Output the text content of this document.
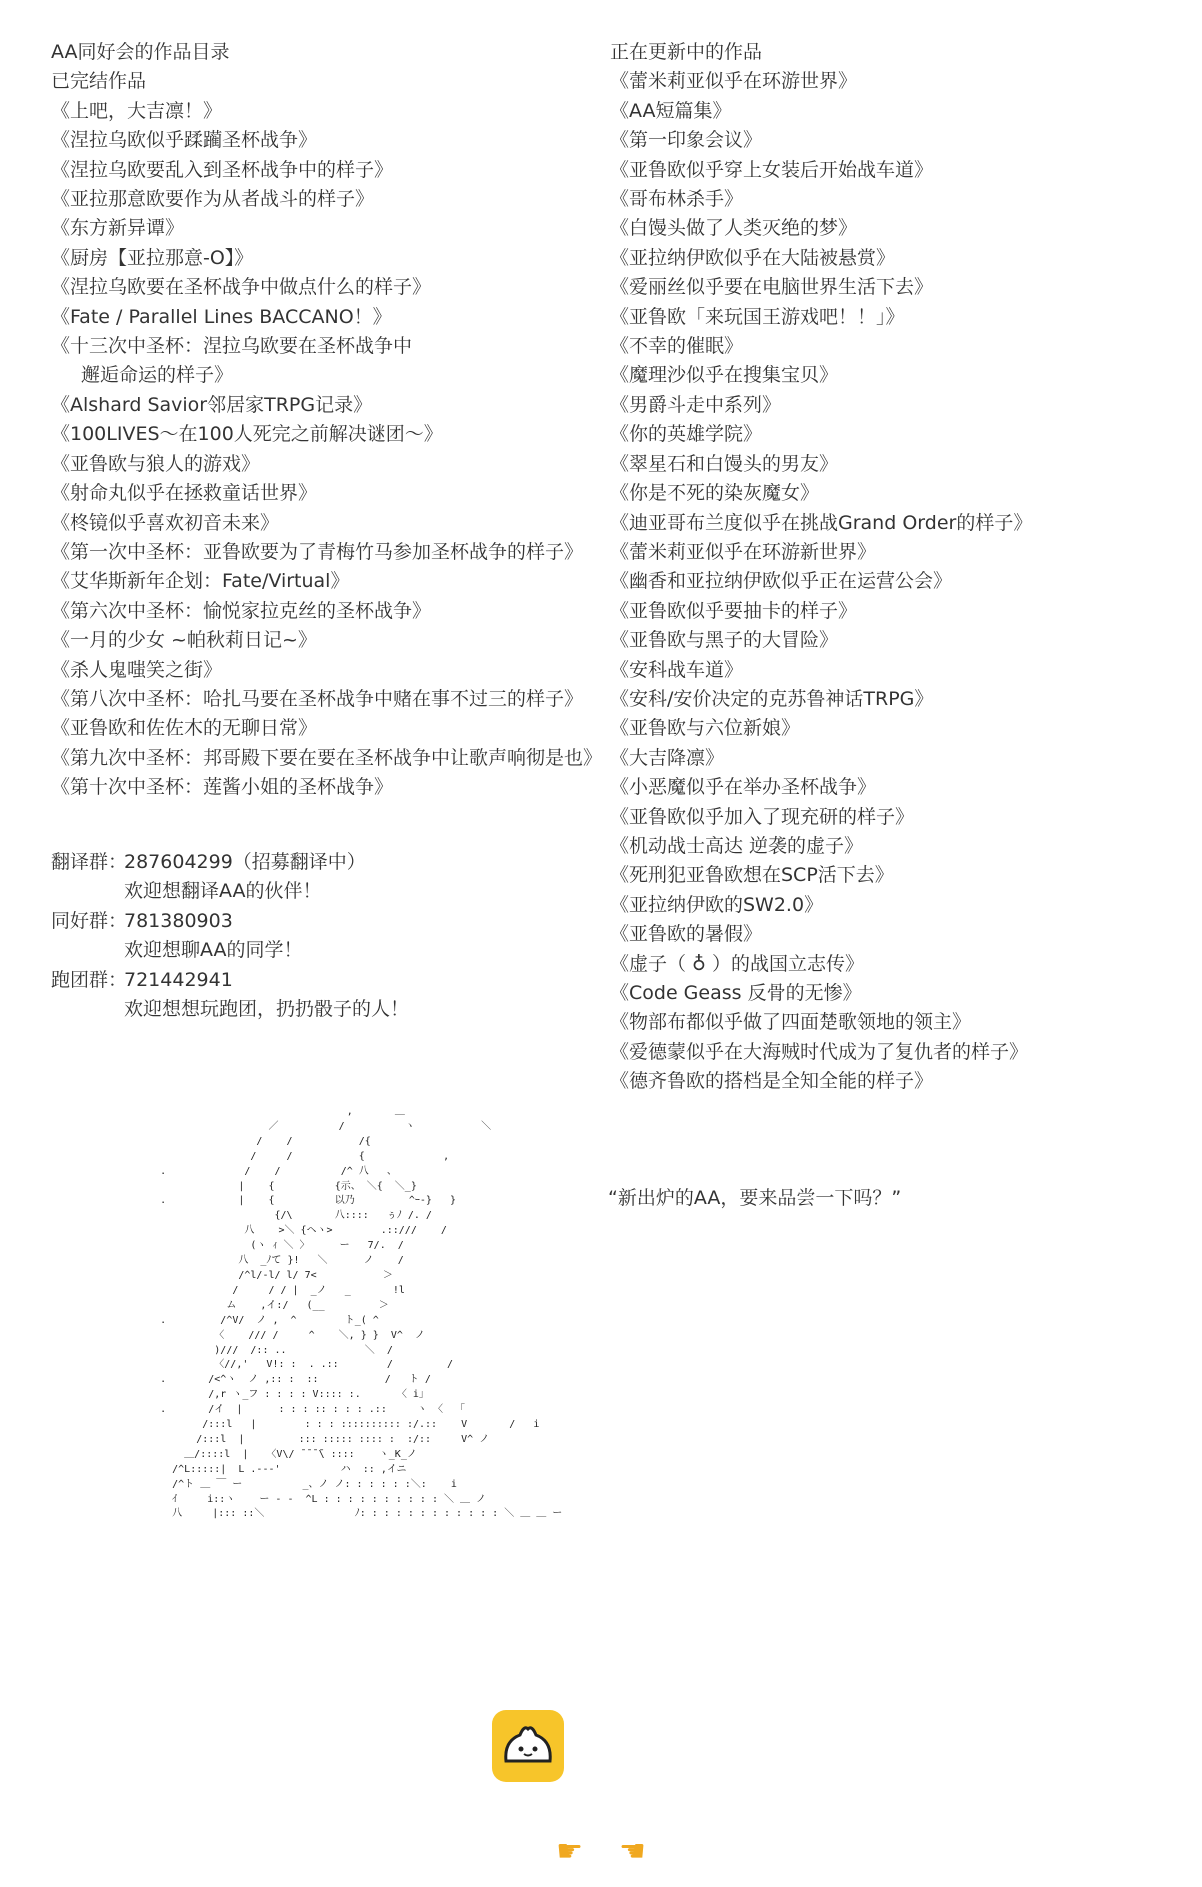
AA同好会的作品目录
已完结作品
《上吧，大吉凛！》
《涅拉乌欧似乎蹂躏圣杯战争》
《涅拉乌欧要乱入到圣杯战争中的样子》
《亚拉那意欧要作为从者战斗的样子》
《东方新异谭》
《厨房【亚拉那意-O】》
《涅拉乌欧要在圣杯战争中做点什么的样子》
《Fate / Parallel Lines BACCANO！》
《十三次中圣杯：涅拉乌欧要在圣杯战争中
邂逅命运的样子》
《Alshard Savior邻居家TRPG记录》
《100LIVES～在100人死完之前解决谜团～》
《亚鲁欧与狼人的游戏》
《射命丸似乎在拯救童话世界》
《柊镜似乎喜欢初音未来》
《第一次中圣杯：亚鲁欧要为了青梅竹马参加圣杯战争的样子》
《艾华斯新年企划：Fate/Virtual》
《第六次中圣杯：愉悦家拉克丝的圣杯战争》
《一月的少女 ~帕秋莉日记~》
《杀人鬼嗤笑之街》
《第八次中圣杯：哈扎马要在圣杯战争中赌在事不过三的样子》
《亚鲁欧和佐佐木的无聊日常》
《第九次中圣杯：邦哥殿下要在要在圣杯战争中让歌声响彻是也》
《第十次中圣杯：莲酱小姐的圣杯战争》
正在更新中的作品
《蕾米莉亚似乎在环游世界》
《AA短篇集》
《第一印象会议》
《亚鲁欧似乎穿上女装后开始战车道》
《哥布林杀手》
《白馒头做了人类灭绝的梦》
《亚拉纳伊欧似乎在大陆被悬赏》
《爱丽丝似乎要在电脑世界生活下去》
《亚鲁欧「来玩国王游戏吧！！」》
《不幸的催眠》
《魔理沙似乎在搜集宝贝》
《男爵斗走中系列》
《你的英雄学院》
《翠星石和白馒头的男友》
《你是不死的染灰魔女》
《迪亚哥布兰度似乎在挑战Grand Order的样子》
《蕾米莉亚似乎在环游新世界》
《幽香和亚拉纳伊欧似乎正在运营公会》
《亚鲁欧似乎要抽卡的样子》
《亚鲁欧与黑子的大冒险》
《安科战车道》
《安科/安价决定的克苏鲁神话TRPG》
《亚鲁欧与六位新娘》
《大吉降凛》
《小恶魔似乎在举办圣杯战争》
《亚鲁欧似乎加入了现充研的样子》
《机动战士高达 逆袭的虚子》
《死刑犯亚鲁欧想在SCP活下去》
《亚拉纳伊欧的SW2.0》
《亚鲁欧的暑假》
《虚子（ ♁ ）的战国立志传》
《Code Geass 反骨的无惨》
《物部布都似乎做了四面楚歌领地的领主》
《爱德蒙似乎在大海贼时代成为了复仇者的样子》
《德齐鲁欧的搭档是全知全能的样子》
翻译群：
287604299（招募翻译中）
欢迎想翻译AA的伙伴！
同好群：
781380903
欢迎想聊AA的同学！
跑团群：
721442941
欢迎想想玩跑团，扔扔骰子的人！
,       ＿
／          /          ヽ           ＼
/    /           /{
/     /           {             ,
.             /    /          /^ 八   、
|    {          {示、 ＼{  ＼_}
.            |    {          以乃         ^ｰ‐}   }
{/\       八::::   ぅﾉ /. /
八    >＼ {ヘヽ>        .::///    /
(ヽ ｨ ＼ 〉     ー   7/.  /
八  _ﾉて }!   ＼      ノ    /
/^l/‐l/ l/ 7<           ＞
/     / / |  _ノ   _       !l
ム    ,イ:/   (__         ＞
.         /^V/  ノ ,  ^        ト_( ^
〈    /// /     ^    ＼, } }  V^  ノ
)///  /:: ..             ＼  /
〈//,'   V!: :  . .::        /         /
.       /<^ヽ  ノ ,:: :  ::           /   ト /
/,r ヽ_フ : : : : V:::: :.      〈 i」
.       /イ  |      : : : :: : : : .::     ヽ 〈  「
/:::l   |        : : : :::::::::: :/.::    V       /   i
/:::l  |         ::: ::::: :::: :  :/::     V^ ノ
＿/::::l  |   〈V\/ ̄ ̄ ̄ ̄\ ::::    ヽ_K_ノ
/^L:::::|  L .--‐'          ハ  :: ,イニ
/^ト ＿ ￣ ー          _、ノ ノ: : : : : :＼:    i
ｲ     i::ヽ    ー ‐ ‐  ^L : : : : : : : : : : ＼ ＿ ノ
八     |::: ::＼               ﾉ: : : : : : : : : : : : ＼ ＿ ＿ ー
“新出炉的AA，要来品尝一下吗？”
☛ ☚
